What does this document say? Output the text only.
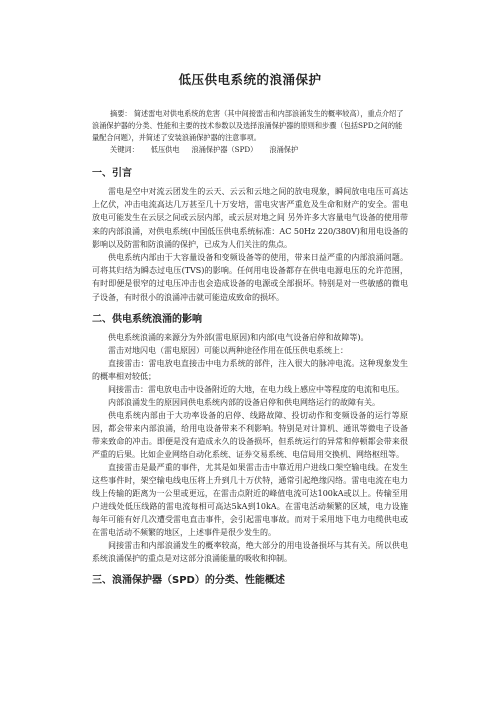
低压供电系统的浪涌保护

摘要： 简述雷电对供电系统的危害（其中间接雷击和内部浪涌发生的概率较高），重点介绍了浪涌保护器的分类、性能和主要的技术参数以及选择浪涌保护器的原则和步骤（包括SPD之间的能量配合问题），并简述了安装浪涌保护器的注意事项。

关键词： 低压供电 浪涌保护器（SPD） 浪涌保护
一、引言

雷电是空中对流云团发生的云天、云云和云地之间的放电现象，瞬间放电电压可高达上亿伏，冲击电流高达几万甚至几十万安培，雷电灾害严重危及生命和财产的安全。雷电放电可能发生在云层之间或云层内部，或云层对地之间 另外许多大容量电气设备的使用带来的内部浪涌，对供电系统(中国低压供电系统标准：AC 50Hz 220/380V)和用电设备的影响以及防雷和防浪涌的保护，已成为人们关注的焦点。

供电系统内部由于大容量设备和变频设备等的使用，带来日益严重的内部浪涌问题。可将其归结为瞬态过电压(TVS)的影响。任何用电设备都存在供电电源电压的允许范围，有时即便是很窄的过电压冲击也会造成设备的电源或全部损坏。特别是对一些敏感的微电子设备，有时很小的浪涌冲击就可能造成致命的损坏。

二、供电系统浪涌的影响

供电系统浪涌的来源分为外部(雷电原因)和内部(电气设备启停和故障等)。

雷击对地闪电（雷电原因）可能以两种途径作用在低压供电系统上：

直接雷击：雷电放电直接击中电力系统的部件，注入很大的脉冲电流。这种现象发生的概率相对较低；

间接雷击：雷电放电击中设备附近的大地，在电力线上感应中等程度的电流和电压。

内部浪涌发生的原因同供电系统内部的设备启停和供电网络运行的故障有关。

供电系统内部由于大功率设备的启停、线路故障、投切动作和变频设备的运行等原因，都会带来内部浪涌，给用电设备带来不利影响。特别是对计算机、通讯等微电子设备带来致命的冲击。即便是没有造成永久的设备损坏，但系统运行的异常和停顿都会带来很严重的后果。比如企业网络自动化系统、证券交易系统、电信局用交换机、网络枢纽等。

直接雷击是最严重的事件，尤其是如果雷击击中靠近用户进线口架空输电线。在发生这些事件时，架空输电线电压将上升到几十万伏特，通常引起绝缘闪络。雷电电流在电力线上传输的距离为一公里或更远，在雷击点附近的峰值电流可达100kA或以上。传输至用户进线处低压线路的雷电流每相可高达5kA到10kA。在雷电活动频繁的区域，电力设施每年可能有好几次遭受雷电直击事件，会引起雷电事故。而对于采用地下电力电缆供电或在雷电活动不频繁的地区，上述事件是很少发生的。

间接雷击和内部浪涌发生的概率较高，绝大部分的用电设备损坏与其有关。所以供电系统浪涌保护的重点是对这部分浪涌能量的吸收和抑制。

三、浪涌保护器（SPD）的分类、性能概述
